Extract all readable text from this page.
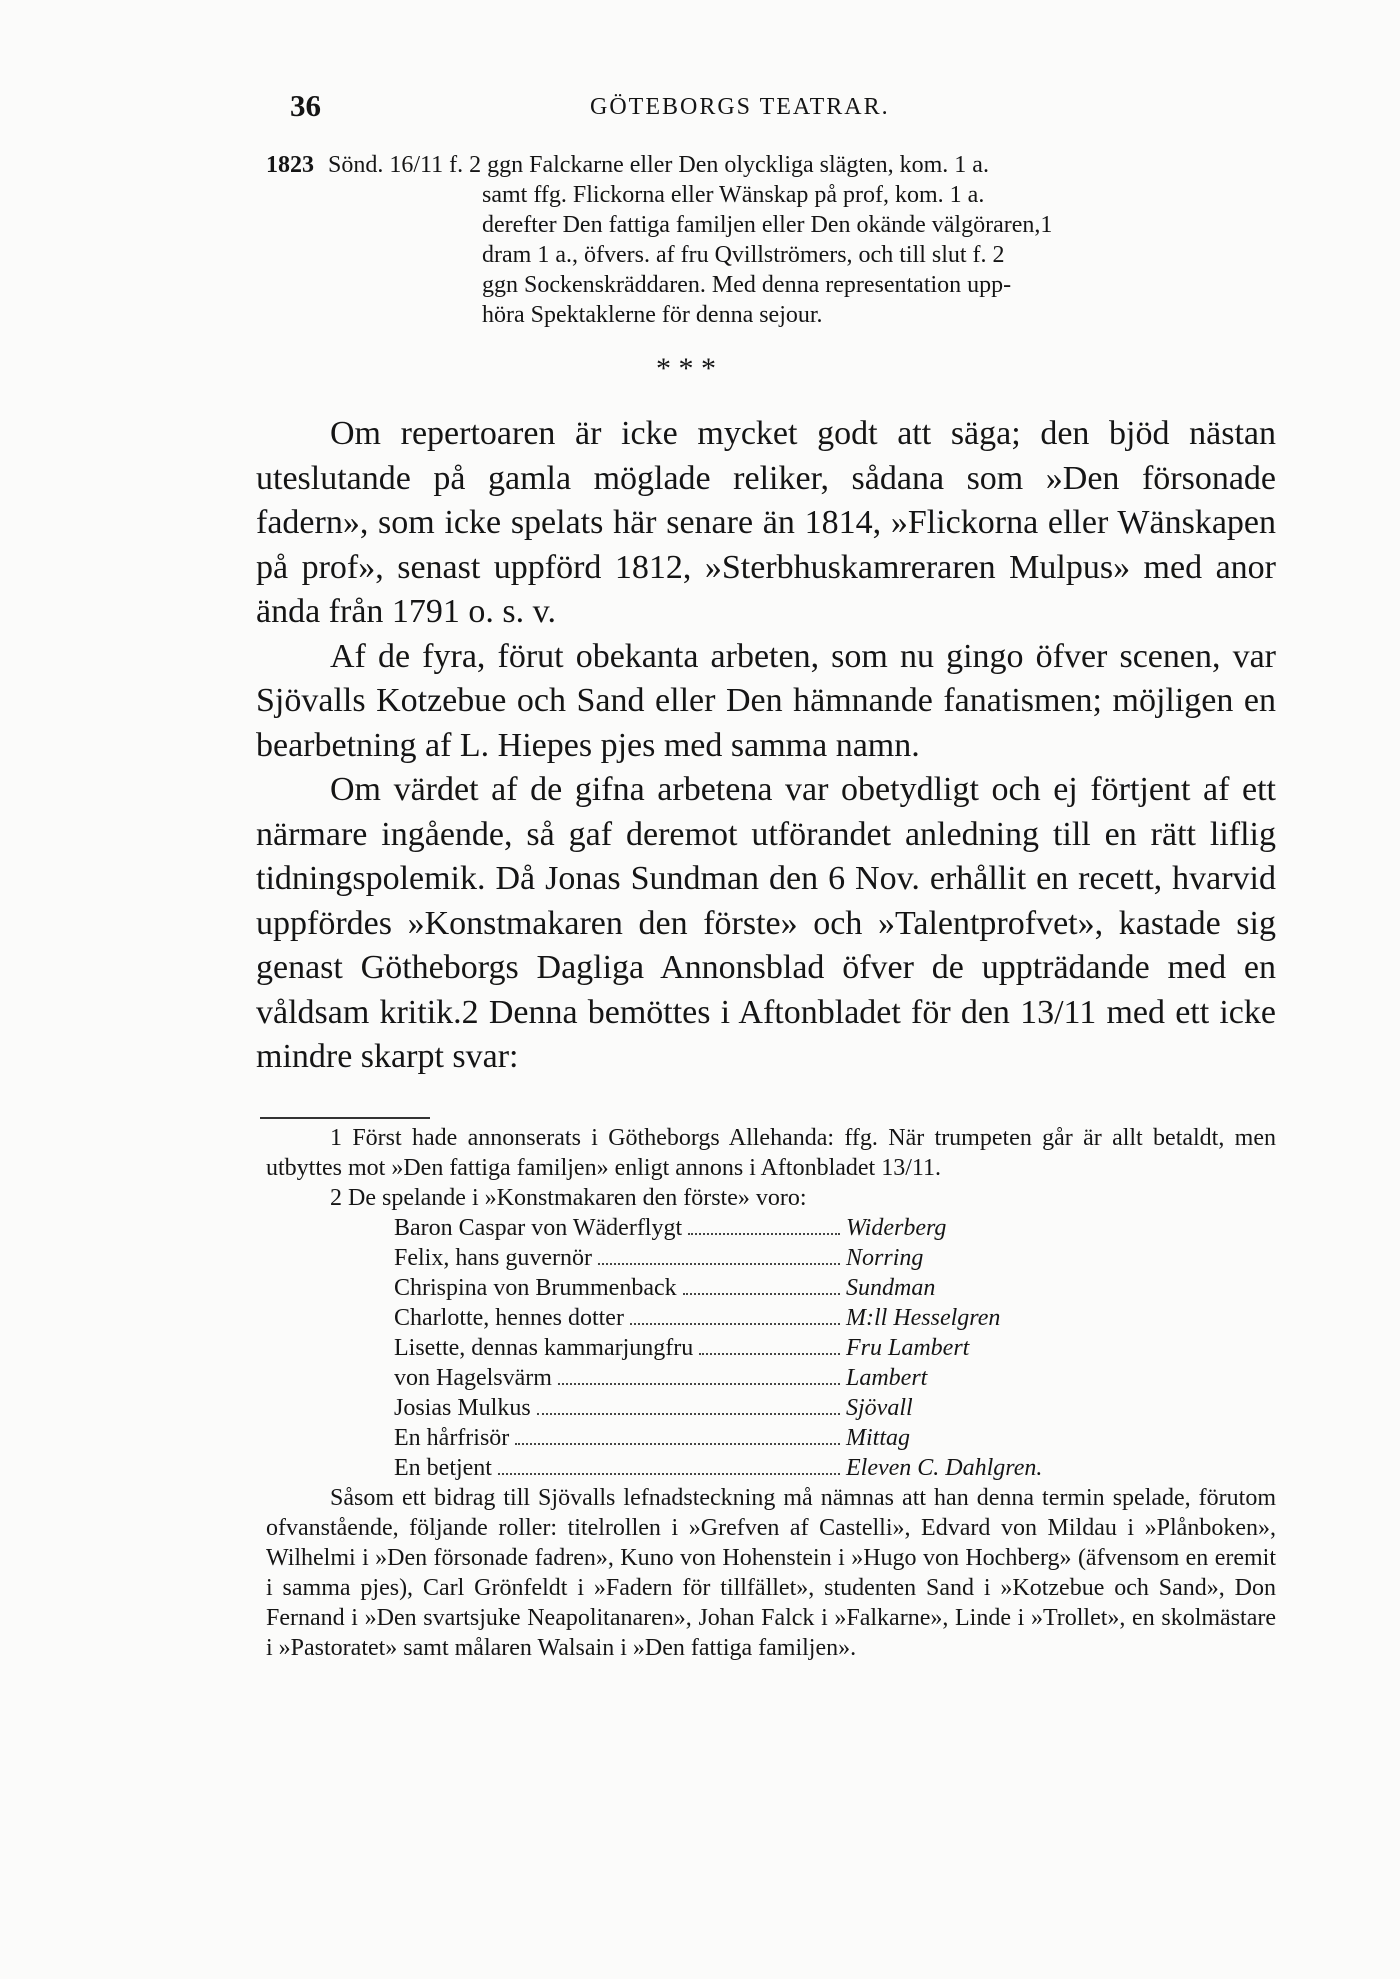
36	GÖTEBORGS TEATRAR.
1823 Sönd. 16/11 f. 2 ggn Falckarne eller Den olyckliga slägten, kom. 1 a.
samt ffg. Flickorna eller Wänskap på prof, kom. 1 a.
derefter Den fattiga familjen eller Den okände välgöraren,1
dram 1 a., öfvers. af fru Qvillströmers, och till slut f. 2
ggn Sockenskräddaren. Med denna representation upp-
höra Spektaklerne för denna sejour.
* * *

Om repertoaren är icke mycket godt att säga; den bjöd nästan uteslutande på gamla möglade reliker, sådana som »Den försonade fadern», som icke spelats här senare än 1814, »Flickorna eller Wänskapen på prof», senast uppförd 1812, »Sterbhuskamreraren Mulpus» med anor ända från 1791 o. s. v.

Af de fyra, förut obekanta arbeten, som nu gingo öfver scenen, var Sjövalls Kotzebue och Sand eller Den hämnande fanatismen; möjligen en bearbetning af L. Hiepes pjes med samma namn.

Om värdet af de gifna arbetena var obetydligt och ej förtjent af ett närmare ingående, så gaf deremot utförandet anledning till en rätt liflig tidningspolemik. Då Jonas Sundman den 6 Nov. erhållit en recett, hvarvid uppfördes »Konstmakaren den förste» och »Talentprofvet», kastade sig genast Götheborgs Dagliga Annonsblad öfver de uppträdande med en våldsam kritik.2 Denna bemöttes i Aftonbladet för den 13/11 med ett icke mindre skarpt svar:

1 Först hade annonserats i Götheborgs Allehanda: ffg. När trumpeten går är allt betaldt, men utbyttes mot »Den fattiga familjen» enligt annons i Aftonbladet 13/11.

2 De spelande i »Konstmakaren den förste» voro:

Baron Caspar von Wäderflygt	Widerberg
Felix, hans guvernör	Norring
Chrispina von Brummenback	Sundman
Charlotte, hennes dotter	M:ll Hesselgren
Lisette, dennas kammarjungfru	Fru Lambert
von Hagelsvärm	Lambert
Josias Mulkus	Sjövall
En hårfrisör	Mittag
En betjent	Eleven C. Dahlgren.

Såsom ett bidrag till Sjövalls lefnadsteckning må nämnas att han denna termin spelade, förutom ofvanstående, följande roller: titelrollen i »Grefven af Castelli», Edvard von Mildau i »Plånboken», Wilhelmi i »Den försonade fadren», Kuno von Hohenstein i »Hugo von Hochberg» (äfvensom en eremit i samma pjes), Carl Grönfeldt i »Fadern för tillfället», studenten Sand i »Kotzebue och Sand», Don Fernand i »Den svartsjuke Neapolitanaren», Johan Falck i »Falkarne», Linde i »Trollet», en skolmästare i »Pastoratet» samt målaren Walsain i »Den fattiga familjen».
